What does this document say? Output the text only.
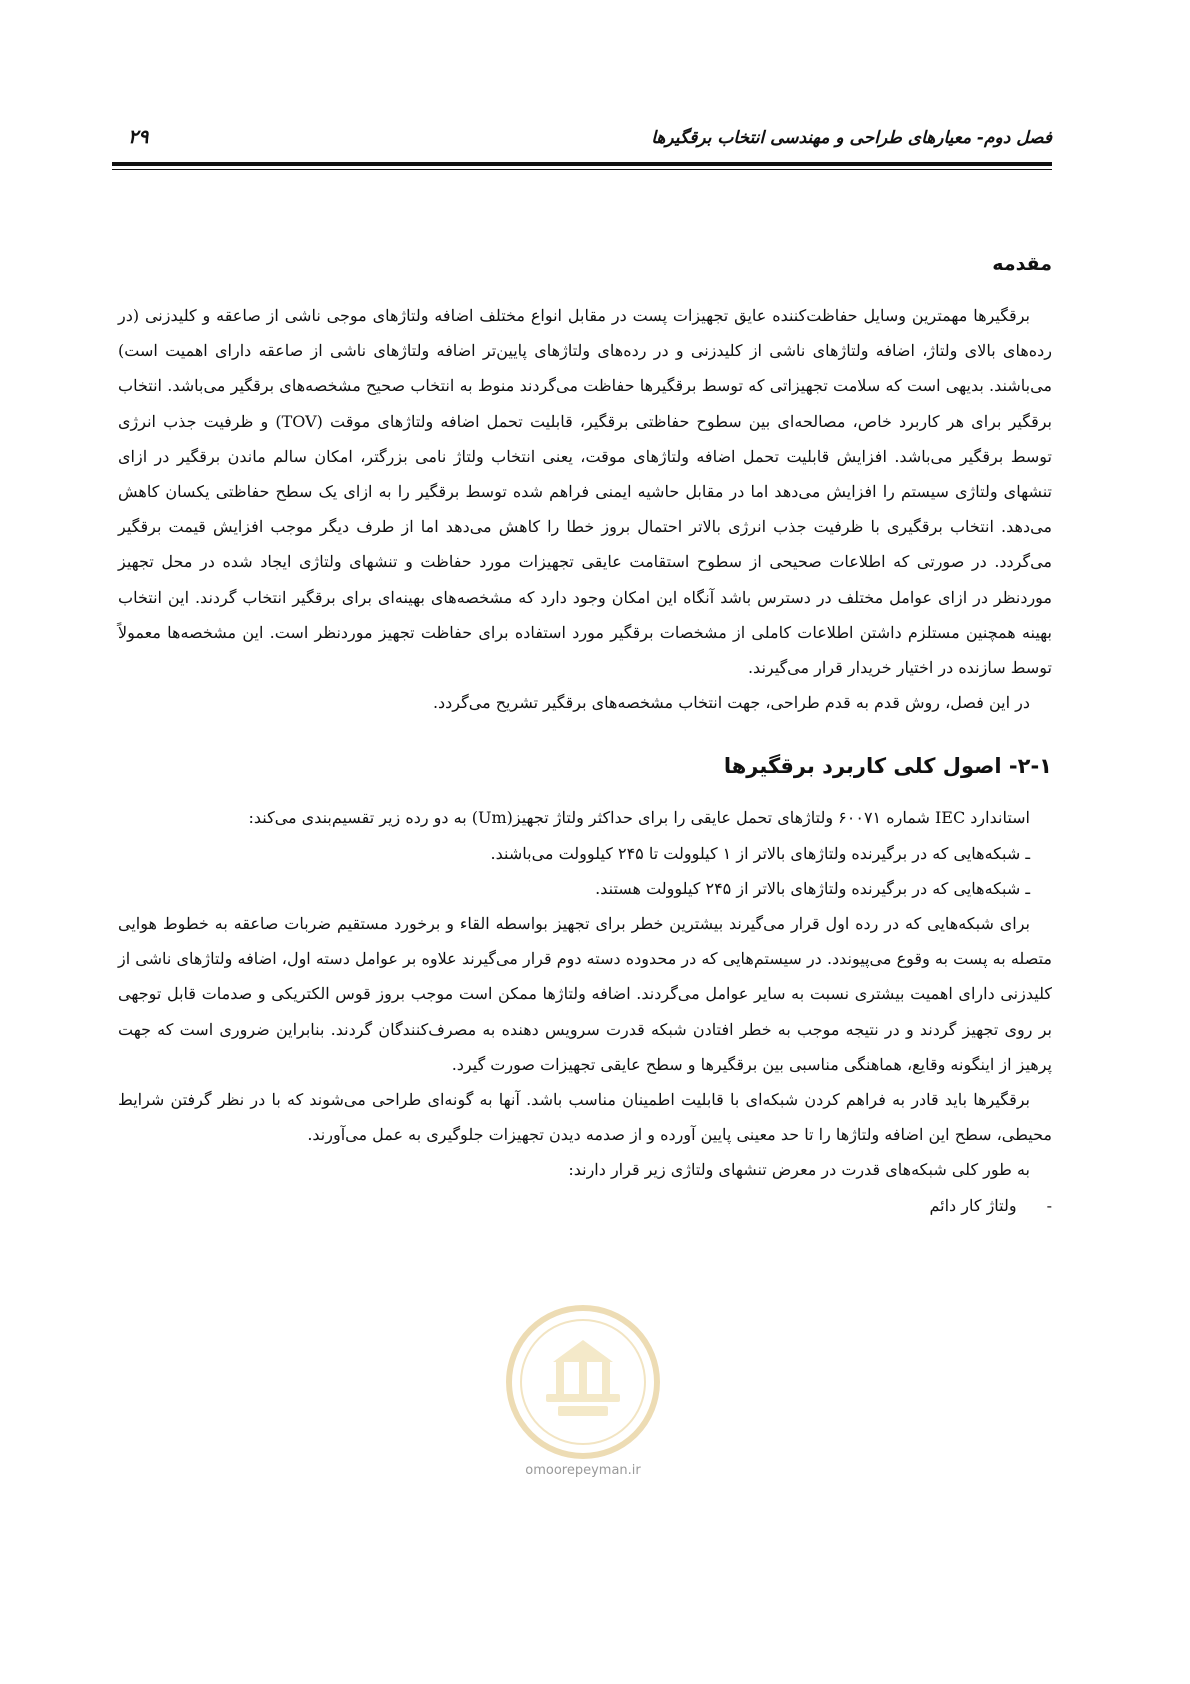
فصل دوم- معیارهای طراحی و مهندسی انتخاب برقگیرها
۲۹
مقدمه

برقگیرها مهمترین وسایل حفاظت‌کننده عایق تجهیزات پست در مقابل انواع مختلف اضافه ولتاژهای موجی ناشی از صاعقه و کلیدزنی (در رده‌های بالای ولتاژ، اضافه ولتاژهای ناشی از کلیدزنی و در رده‌های ولتاژهای پایین‌تر اضافه ولتاژهای ناشی از صاعقه دارای اهمیت است) می‌باشند. بدیهی است که سلامت تجهیزاتی که توسط برقگیرها حفاظت می‌گردند منوط به انتخاب صحیح مشخصه‌های برقگیر می‌باشد. انتخاب برقگیر برای هر کاربرد خاص، مصالحه‌ای بین سطوح حفاظتی برقگیر، قابلیت تحمل اضافه ولتاژهای موقت (TOV) و ظرفیت جذب انرژی توسط برقگیر می‌باشد. افزایش قابلیت تحمل اضافه ولتاژهای موقت، یعنی انتخاب ولتاژ نامی بزرگتر، امکان سالم ماندن برقگیر در ازای تنشهای ولتاژی سیستم را افزایش می‌دهد اما در مقابل حاشیه ایمنی فراهم شده توسط برقگیر را به ازای یک سطح حفاظتی یکسان کاهش می‌دهد. انتخاب برقگیری با ظرفیت جذب انرژی بالاتر احتمال بروز خطا را کاهش می‌دهد اما از طرف دیگر موجب افزایش قیمت برقگیر می‌گردد. در صورتی که اطلاعات صحیحی از سطوح استقامت عایقی تجهیزات مورد حفاظت و تنشهای ولتاژی ایجاد شده در محل تجهیز موردنظر در ازای عوامل مختلف در دسترس باشد آنگاه این امکان وجود دارد که مشخصه‌های بهینه‌ای برای برقگیر انتخاب گردند. این انتخاب بهینه همچنین مستلزم داشتن اطلاعات کاملی از مشخصات برقگیر مورد استفاده برای حفاظت تجهیز موردنظر است. این مشخصه‌ها معمولاً توسط سازنده در اختیار خریدار قرار می‌گیرند.

در این فصل، روش قدم به قدم طراحی، جهت انتخاب مشخصه‌های برقگیر تشریح می‌گردد.

۲-۱- اصول کلی کاربرد برقگیرها
استاندارد IEC شماره ۶۰۰۷۱ ولتاژهای تحمل عایقی را برای حداکثر ولتاژ تجهیز(Um) به دو رده زیر تقسیم‌بندی می‌کند:
ـ شبکه‌هایی که در برگیرنده ولتاژهای بالاتر از ۱ کیلوولت تا ۲۴۵ کیلوولت می‌باشند.
ـ شبکه‌هایی که در برگیرنده ولتاژهای بالاتر از ۲۴۵ کیلوولت هستند.

برای شبکه‌هایی که در رده اول قرار می‌گیرند بیشترین خطر برای تجهیز بواسطه القاء و برخورد مستقیم ضربات صاعقه به خطوط هوایی متصله به پست به وقوع می‌پیوندد. در سیستم‌هایی که در محدوده دسته دوم قرار می‌گیرند علاوه بر عوامل دسته اول، اضافه ولتاژهای ناشی از کلیدزنی دارای اهمیت بیشتری نسبت به سایر عوامل می‌گردند. اضافه ولتاژها ممکن است موجب بروز قوس الکتریکی و صدمات قابل توجهی بر روی تجهیز گردند و در نتیجه موجب به خطر افتادن شبکه قدرت سرویس دهنده به مصرف‌کنندگان گردند. بنابراین ضروری است که جهت پرهیز از اینگونه وقایع، هماهنگی مناسبی بین برقگیرها و سطح عایقی تجهیزات صورت گیرد.

برقگیرها باید قادر به فراهم کردن شبکه‌ای با قابلیت اطمینان مناسب باشد. آنها به گونه‌ای طراحی می‌شوند که با در نظر گرفتن شرایط محیطی، سطح این اضافه ولتاژها را تا حد معینی پایین آورده و از صدمه دیدن تجهیزات جلوگیری به عمل می‌آورند.

به طور کلی شبکه‌های قدرت در معرض تنشهای ولتاژی زیر قرار دارند:
-
ولتاژ کار دائم
omoorepeyman.ir
